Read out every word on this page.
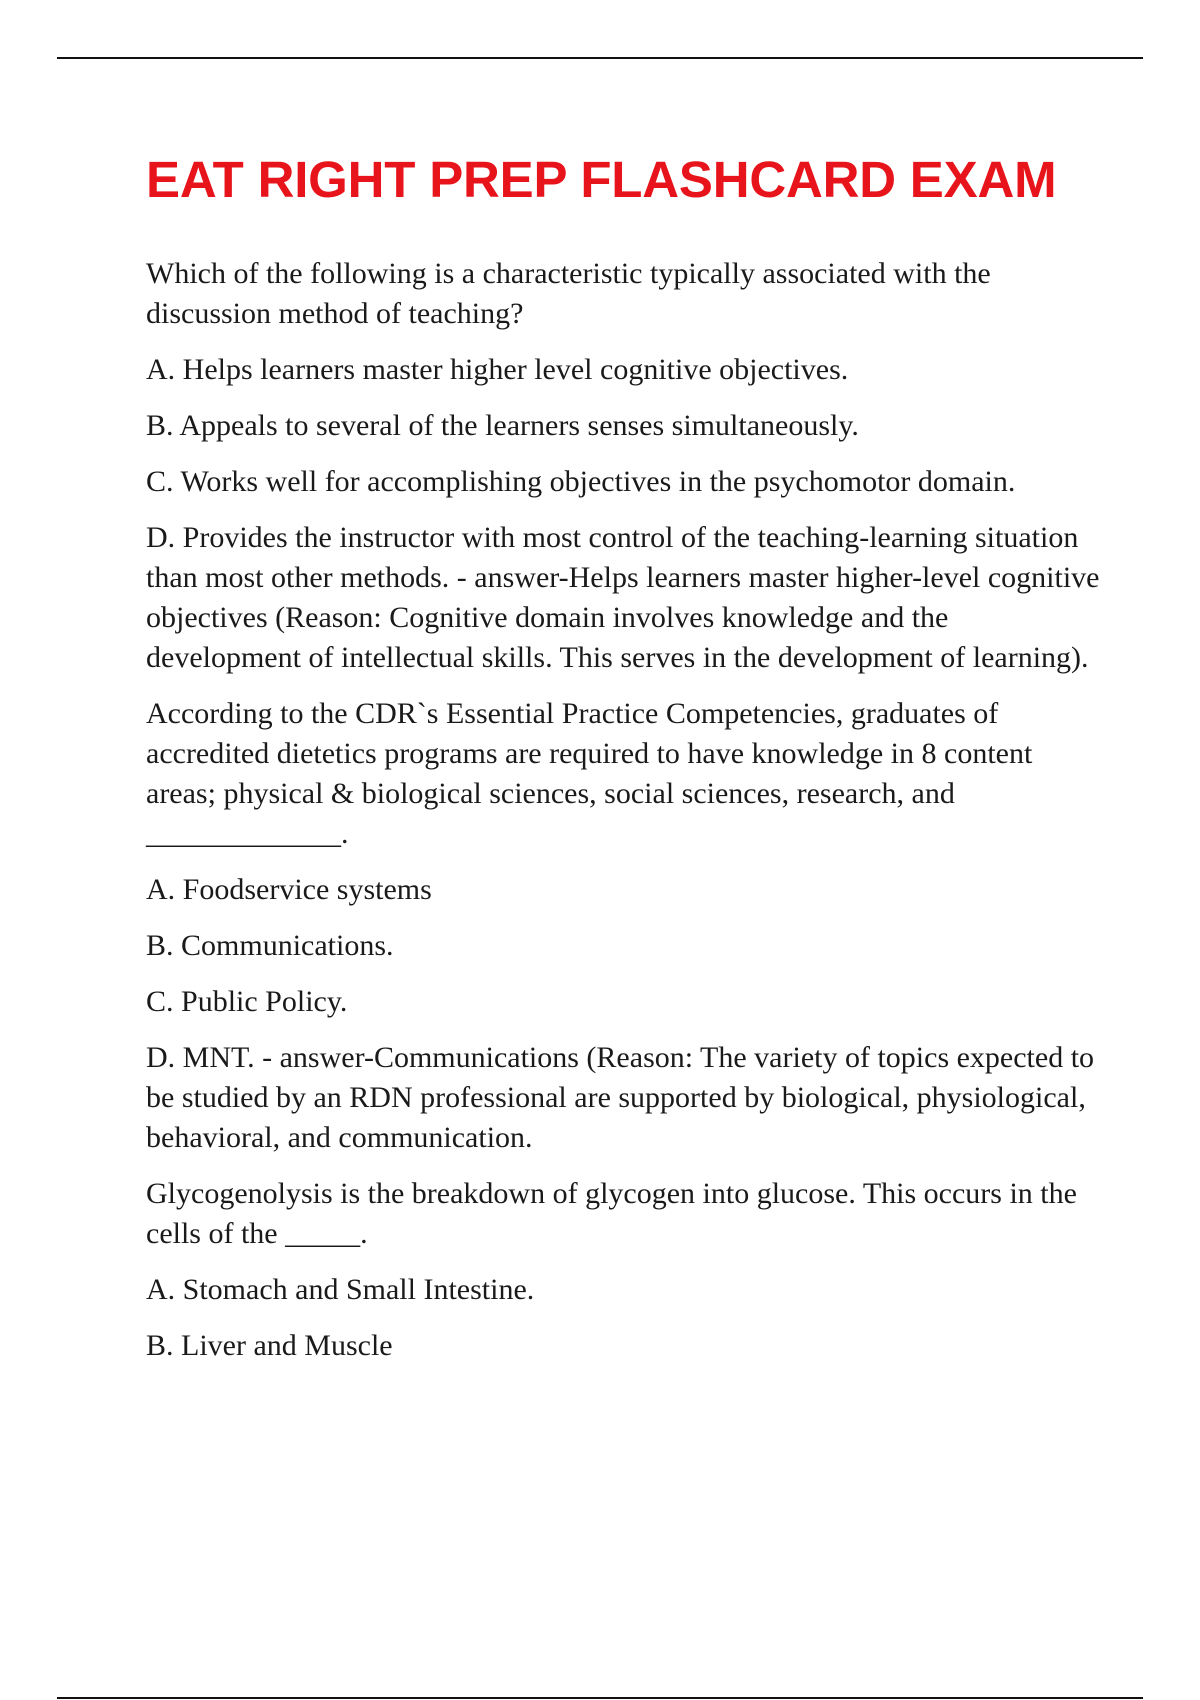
EAT RIGHT PREP FLASHCARD EXAM

Which of the following is a characteristic typically associated with the discussion method of teaching?

A. Helps learners master higher level cognitive objectives.

B. Appeals to several of the learners senses simultaneously.

C. Works well for accomplishing objectives in the psychomotor domain.

D. Provides the instructor with most control of the teaching-learning situation than most other methods. - answer-Helps learners master higher-level cognitive objectives (Reason: Cognitive domain involves knowledge and the development of intellectual skills. This serves in the development of learning).

According to the CDR`s Essential Practice Competencies, graduates of accredited dietetics programs are required to have knowledge in 8 content areas; physical & biological sciences, social sciences, research, and _____________.

A. Foodservice systems

B. Communications.

C. Public Policy.

D. MNT. - answer-Communications (Reason: The variety of topics expected to be studied by an RDN professional are supported by biological, physiological, behavioral, and communication.

Glycogenolysis is the breakdown of glycogen into glucose. This occurs in the cells of the _____.

A. Stomach and Small Intestine.

B. Liver and Muscle
